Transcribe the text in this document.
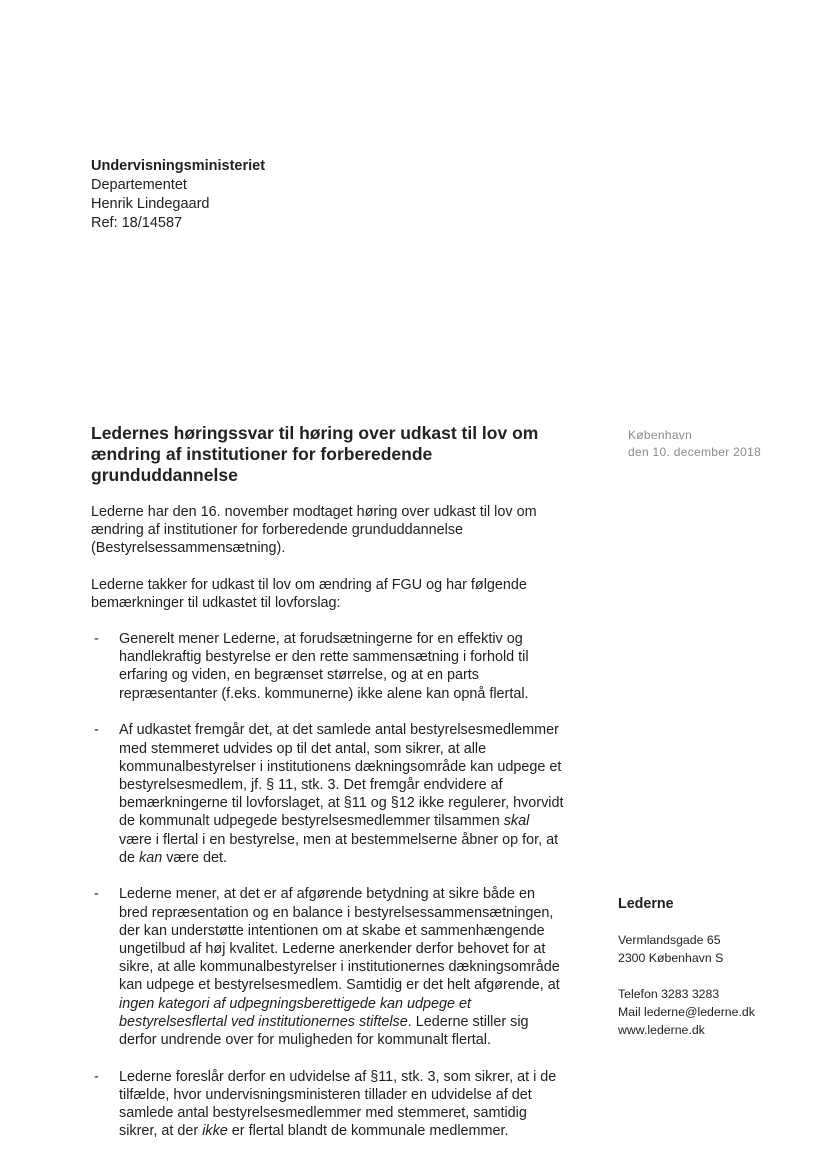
Undervisningsministeriet
Departementet
Henrik Lindegaard
Ref: 18/14587
København
den 10. december 2018
Ledernes høringssvar til høring over udkast til lov om ændring af institutioner for forberedende grunduddannelse

Lederne har den 16. november modtaget høring over udkast til lov om ændring af institutioner for forberedende grunduddannelse (Bestyrelsessammensætning).

Lederne takker for udkast til lov om ændring af FGU og har følgende bemærkninger til udkastet til lovforslag:

- Generelt mener Lederne, at forudsætningerne for en effektiv og handlekraftig bestyrelse er den rette sammensætning i forhold til erfaring og viden, en begrænset størrelse, og at en parts repræsentanter (f.eks. kommunerne) ikke alene kan opnå flertal.
- Af udkastet fremgår det, at det samlede antal bestyrelsesmedlemmer med stemmeret udvides op til det antal, som sikrer, at alle kommunalbestyrelser i institutionens dækningsområde kan udpege et bestyrelsesmedlem, jf. § 11, stk. 3. Det fremgår endvidere af bemærkningerne til lovforslaget, at §11 og §12 ikke regulerer, hvorvidt de kommunalt udpegede bestyrelsesmedlemmer tilsammen skal være i flertal i en bestyrelse, men at bestemmelserne åbner op for, at de kan være det.
- Lederne mener, at det er af afgørende betydning at sikre både en bred repræsentation og en balance i bestyrelsessammensætningen, der kan understøtte intentionen om at skabe et sammenhængende ungetilbud af høj kvalitet. Lederne anerkender derfor behovet for at sikre, at alle kommunalbestyrelser i institutionernes dækningsområde kan udpege et bestyrelsesmedlem. Samtidig er det helt afgørende, at ingen kategori af udpegningsberettigede kan udpege et bestyrelsesflertal ved institutionernes stiftelse. Lederne stiller sig derfor undrende over for muligheden for kommunalt flertal.
- Lederne foreslår derfor en udvidelse af §11, stk. 3, som sikrer, at i de tilfælde, hvor undervisningsministeren tillader en udvidelse af det samlede antal bestyrelsesmedlemmer med stemmeret, samtidig sikrer, at der ikke er flertal blandt de kommunale medlemmer.
Lederne
Vermlandsgade 65
2300 København S
Telefon 3283 3283
Mail lederne@lederne.dk
www.lederne.dk
